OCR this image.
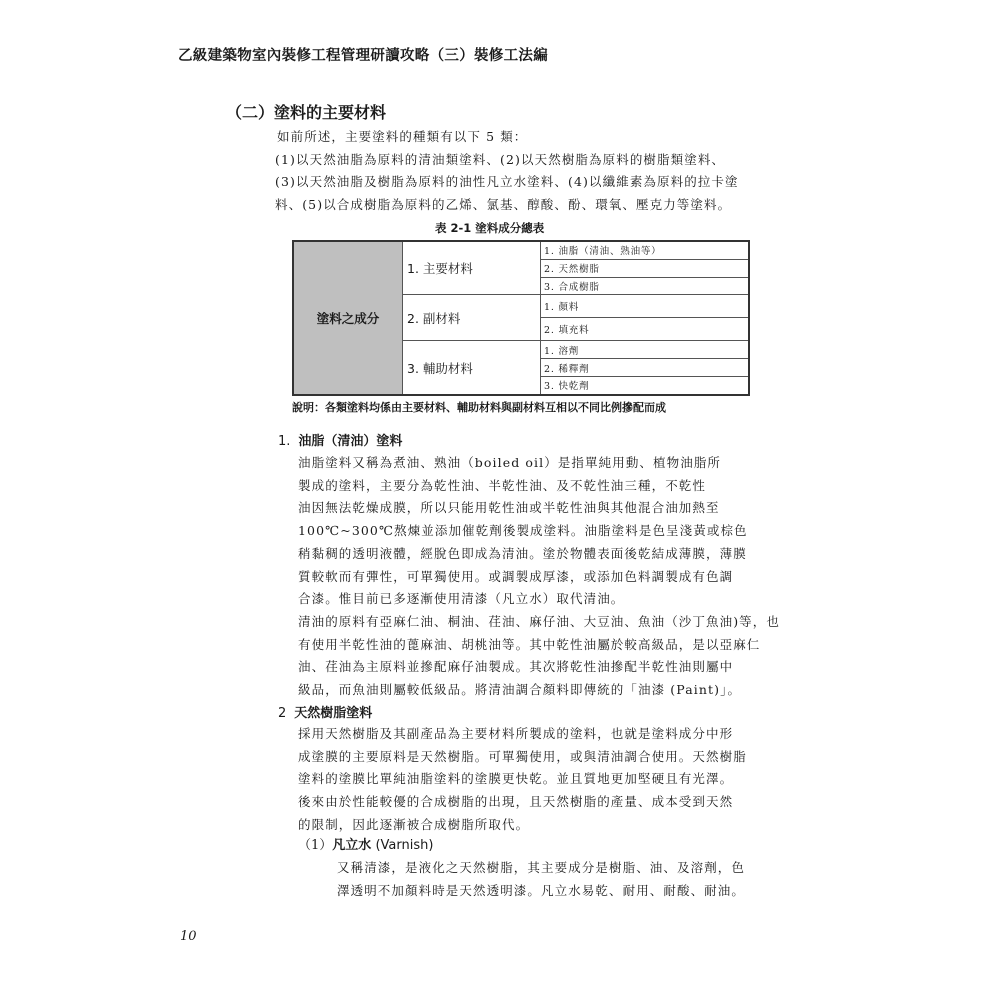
乙級建築物室內裝修工程管理研讀攻略（三）裝修工法編
（二）塗料的主要材料
如前所述，主要塗料的種類有以下 5 類：
(1)以天然油脂為原料的清油類塗料、(2)以天然樹脂為原料的樹脂類塗料、
(3)以天然油脂及樹脂為原料的油性凡立水塗料、(4)以纖維素為原料的拉卡塗
料、(5)以合成樹脂為原料的乙烯、氯基、醇酸、酚、環氧、壓克力等塗料。
表 2-1 塗料成分總表
塗料之成分	1. 主要材料	1. 油脂（清油、熟油等）
		2. 天然樹脂
		3. 合成樹脂
	2. 副材料	1. 顏料
		2. 填充料
	3. 輔助材料	1. 溶劑
		2. 稀釋劑
		3. 快乾劑
說明：各類塗料均係由主要材料、輔助材料與副材料互相以不同比例摻配而成
1. 油脂（清油）塗料
油脂塗料又稱為煮油、熟油（boiled oil）是指單純用動、植物油脂所
製成的塗料，主要分為乾性油、半乾性油、及不乾性油三種，不乾性
油因無法乾燥成膜，所以只能用乾性油或半乾性油與其他混合油加熱至
100℃~300℃熬煉並添加催乾劑後製成塗料。油脂塗料是色呈淺黃或棕色
稍黏稠的透明液體，經脫色即成為清油。塗於物體表面後乾結成薄膜，薄膜
質較軟而有彈性，可單獨使用。或調製成厚漆，或添加色料調製成有色調
合漆。惟目前已多逐漸使用清漆（凡立水）取代清油。
清油的原料有亞麻仁油、桐油、荏油、麻仔油、大豆油、魚油（沙丁魚油)等，也
有使用半乾性油的蓖麻油、胡桃油等。其中乾性油屬於較高級品，是以亞麻仁
油、荏油為主原料並摻配麻仔油製成。其次將乾性油摻配半乾性油則屬中
級品，而魚油則屬較低級品。將清油調合顏料即傳統的「油漆 (Paint)」。
2 天然樹脂塗料
採用天然樹脂及其副產品為主要材料所製成的塗料，也就是塗料成分中形
成塗膜的主要原料是天然樹脂。可單獨使用，或與清油調合使用。天然樹脂
塗料的塗膜比單純油脂塗料的塗膜更快乾。並且質地更加堅硬且有光澤。
後來由於性能較優的合成樹脂的出現，且天然樹脂的產量、成本受到天然
的限制，因此逐漸被合成樹脂所取代。
（1）凡立水 (Varnish)
又稱清漆，是液化之天然樹脂，其主要成分是樹脂、油、及溶劑，色
澤透明不加顏料時是天然透明漆。凡立水易乾、耐用、耐酸、耐油。
10
